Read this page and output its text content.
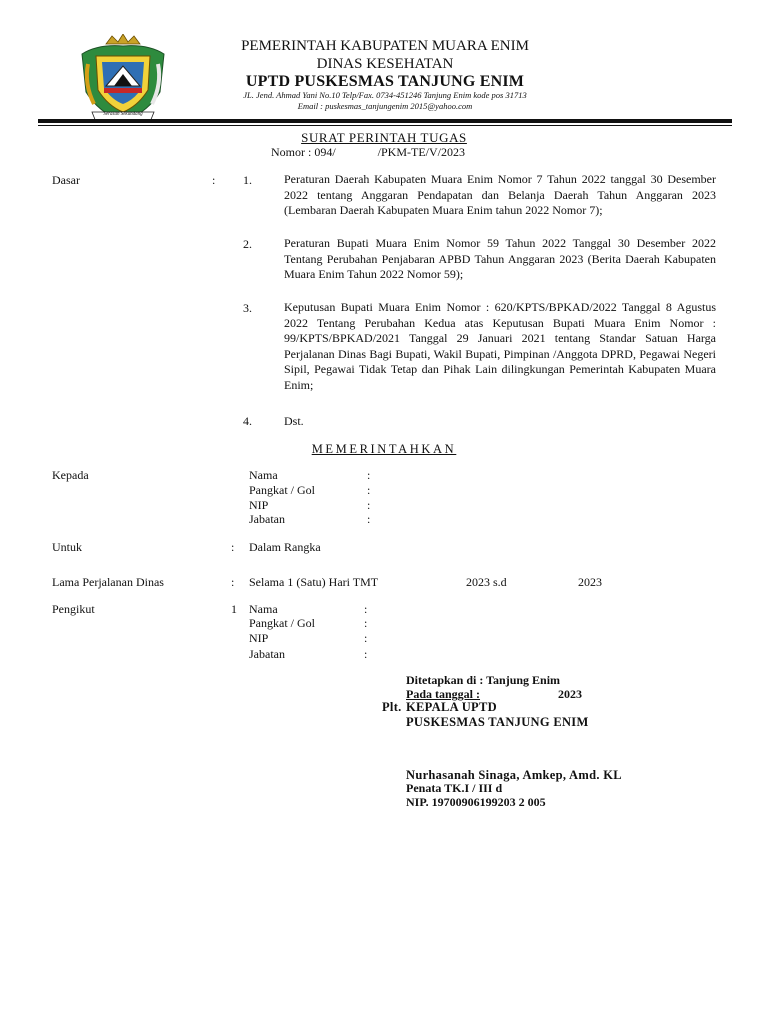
Serasan Sekundang
PEMERINTAH KABUPATEN MUARA ENIM
DINAS KESEHATAN
UPTD PUSKESMAS TANJUNG ENIM
JL. Jend. Ahmad Yani No.10 Telp/Fax. 0734-451246 Tanjung Enim kode pos 31713
Email : puskesmas_tanjungenim 2015@yahoo.com
SURAT PERINTAH TUGAS
Nomor : 094/	/PKM-TE/V/2023
Dasar	: 1.	Peraturan Daerah Kabupaten Muara Enim Nomor 7 Tahun 2022 tanggal 30 Desember 2022 tentang Anggaran Pendapatan dan Belanja Daerah Tahun Anggaran 2023 (Lembaran Daerah Kabupaten Muara Enim tahun 2022 Nomor 7);
2.	Peraturan Bupati Muara Enim Nomor 59 Tahun 2022 Tanggal 30 Desember 2022 Tentang Perubahan Penjabaran APBD Tahun Anggaran 2023 (Berita Daerah Kabupaten Muara Enim Tahun 2022 Nomor 59);
3.	Keputusan Bupati Muara Enim Nomor : 620/KPTS/BPKAD/2022 Tanggal 8 Agustus 2022 Tentang Perubahan Kedua atas Keputusan Bupati Muara Enim Nomor : 99/KPTS/BPKAD/2021 Tanggal 29 Januari 2021 tentang Standar Satuan Harga Perjalanan Dinas Bagi Bupati, Wakil Bupati, Pimpinan /Anggota DPRD, Pegawai Negeri Sipil, Pegawai Tidak Tetap dan Pihak Lain dilingkungan Pemerintah Kabupaten Muara Enim;
4.	Dst.
MEMERINTAHKAN
Kepada	Nama	:
Pangkat / Gol	:
NIP	:
Jabatan	:
Untuk	: Dalam Rangka
Lama Perjalanan Dinas	: Selama 1 (Satu) Hari TMT	2023 s.d	2023
Pengikut	1 Nama	:
Pangkat / Gol	:
NIP	:
Jabatan	:
Ditetapkan di : Tanjung Enim
Pada tanggal :	2023
Plt. KEPALA UPTD
PUSKESMAS TANJUNG ENIM
Nurhasanah Sinaga, Amkep, Amd. KL
Penata TK.I / III d
NIP. 19700906199203 2 005
